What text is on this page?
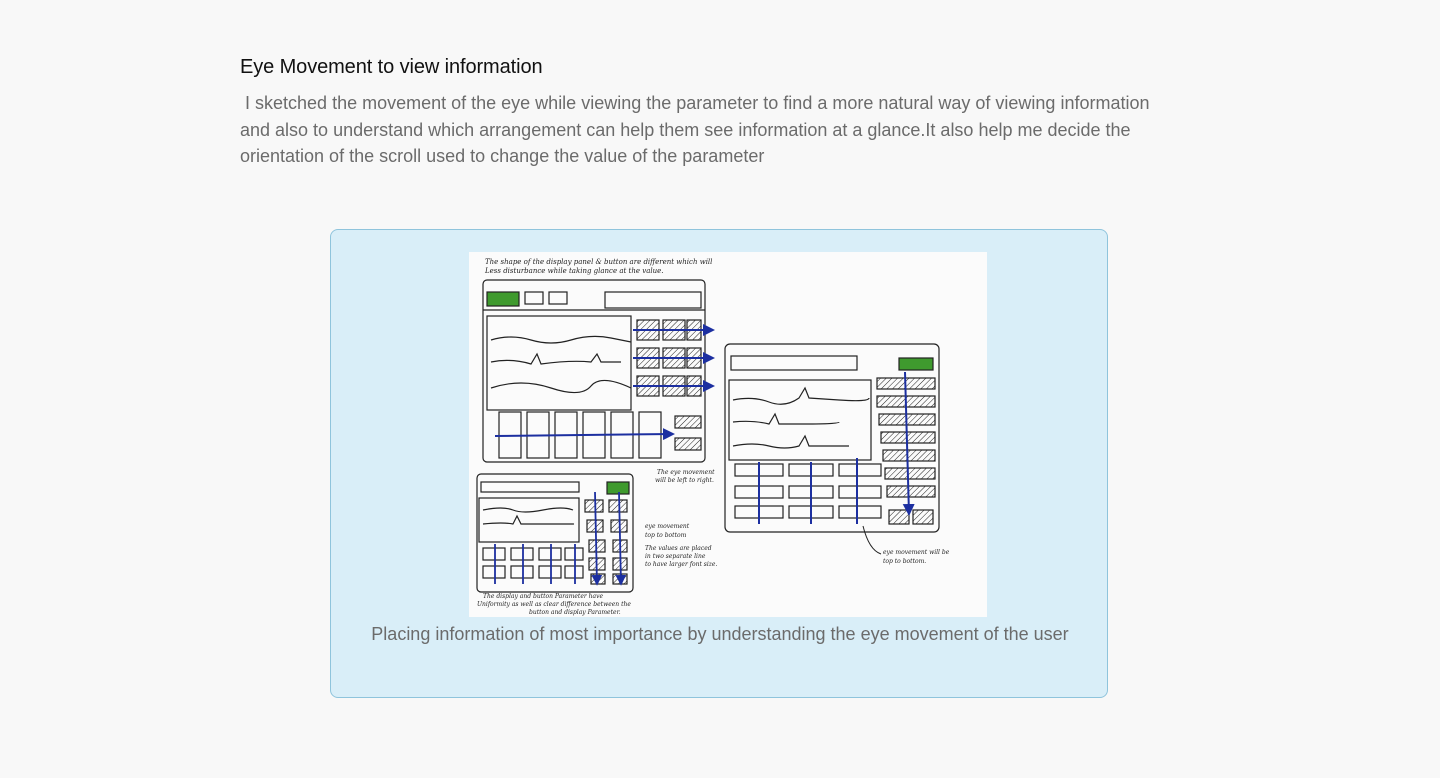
Eye Movement to view information
I sketched the movement of the eye while viewing the parameter to find a more natural way of viewing information and also to understand which arrangement can help them see information at a glance.It also help me decide the orientation of the scroll used to change the value of the parameter
The shape of the display panel & button are different which will
Less disturbance while taking glance at the value.
The eye movement
will be left to right.
eye movement will be
top to bottom.
eye movement
top to bottom
The values are placed
in two separate line
to have larger font size.
The display and button Parameter have
Uniformity as well as clear difference between the
button and display Parameter.
Placing information of most importance by understanding the eye movement of the user
